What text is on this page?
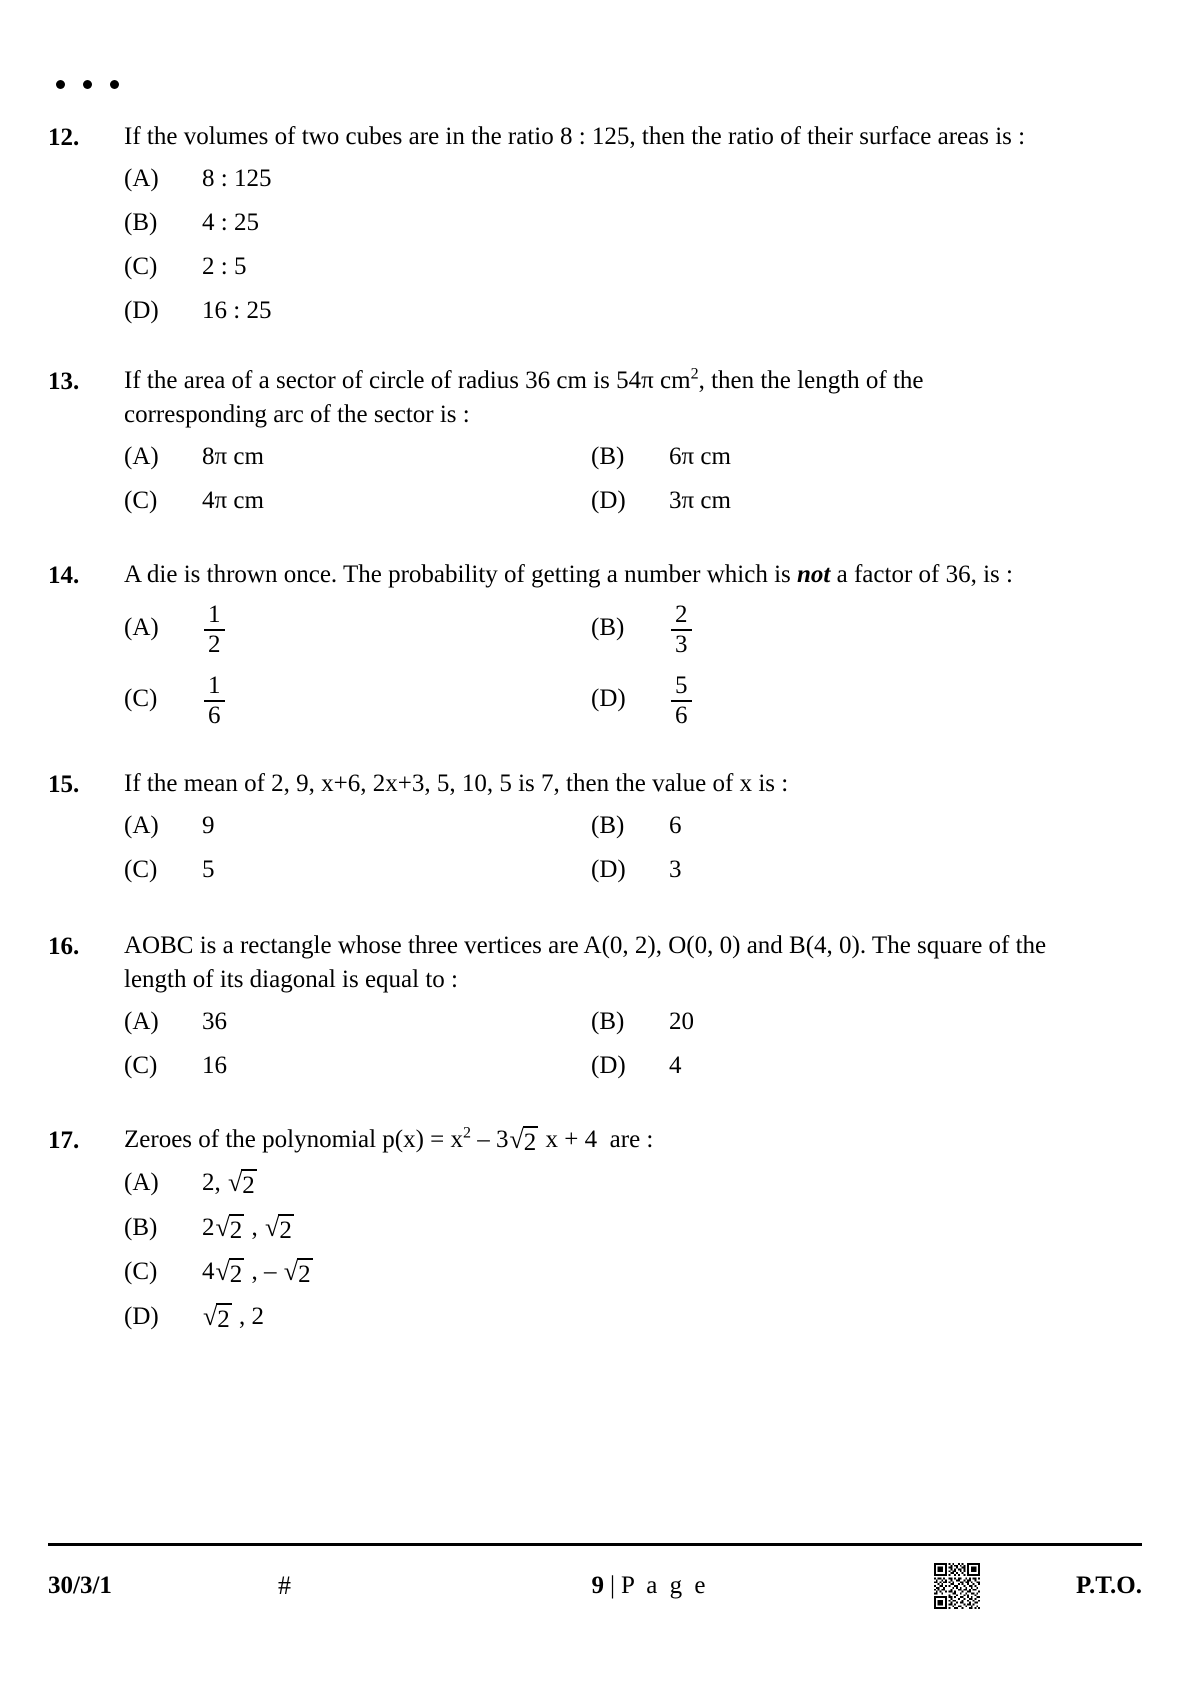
12.	If the volumes of two cubes are in the ratio 8 : 125, then the ratio of their surface areas is :
(A)	8 : 125
(B)	4 : 25
(C)	2 : 5
(D)	16 : 25
13.	If the area of a sector of circle of radius 36 cm is 54π $cm^2$, then the length of the corresponding arc of the sector is :
(A)	8π cm	(B)	6π cm
(C)	4π cm	(D)	3π cm
14.	A die is thrown once. The probability of getting a number which is not a factor of 36, is :
(A)	$\frac{1}{2}$	(B)	$\frac{2}{3}$
(C)	$\frac{1}{6}$	(D)	$\frac{5}{6}$
15.	If the mean of 2, 9, x+6, 2x+3, 5, 10, 5 is 7, then the value of x is :
(A)	9	(B)	6
(C)	5	(D)	3
16.	AOBC is a rectangle whose three vertices are A(0, 2), O(0, 0) and B(4, 0). The square of the length of its diagonal is equal to :
(A)	36	(B)	20
(C)	16	(D)	4
17.	Zeroes of the polynomial $p(x) = x^2 - 3$ √ 2 x + 4  are :
(A)	2, √ 2
(B)	2 √ 2 , √ 2
(C)	4 √ 2 , – √ 2
(D)	√ 2 , 2
30/3/1	#	9 | P a g e	P.T.O.
